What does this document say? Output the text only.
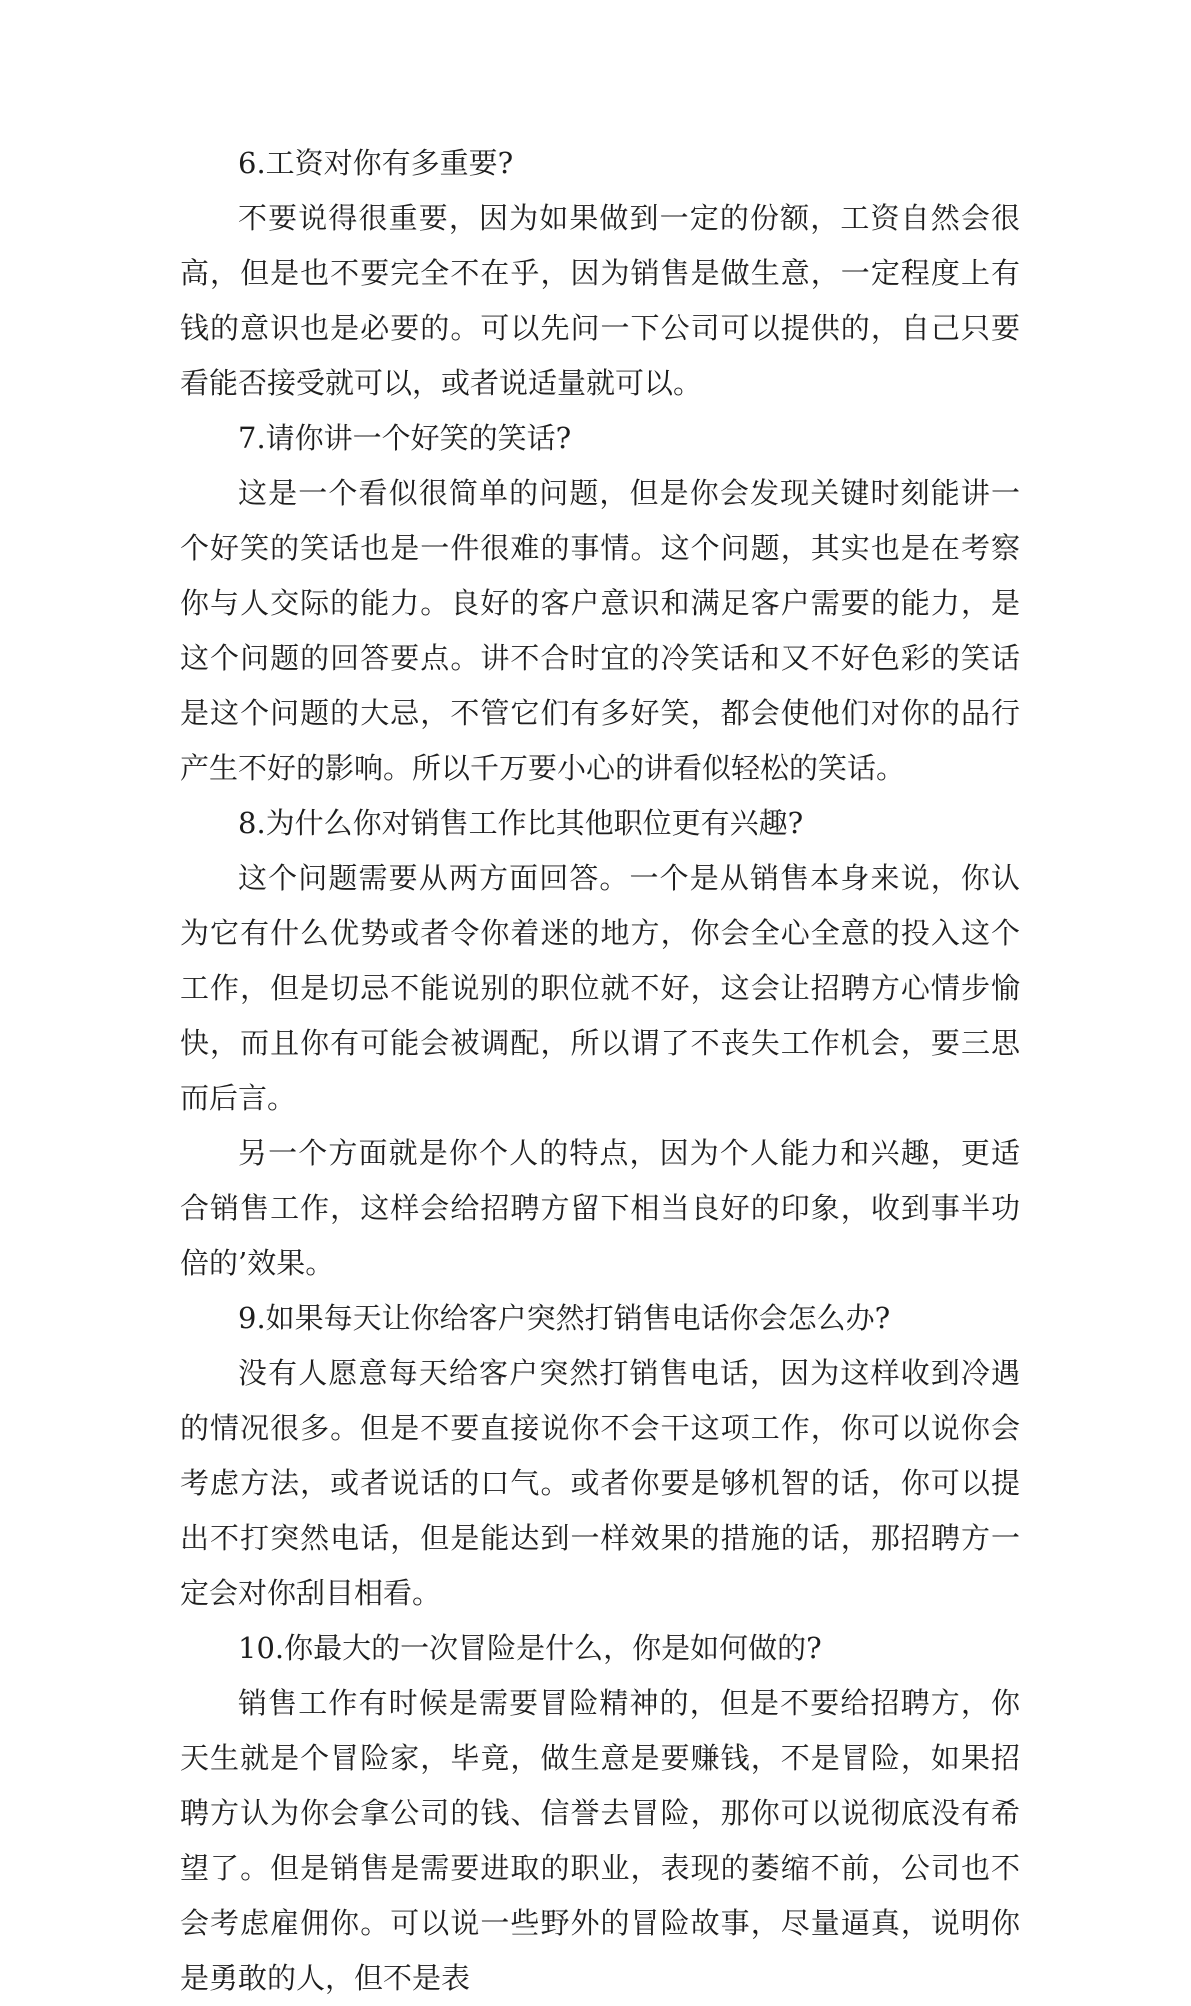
6.工资对你有多重要?

不要说得很重要，因为如果做到一定的份额，工资自然会很高，但是也不要完全不在乎，因为销售是做生意，一定程度上有钱的意识也是必要的。可以先问一下公司可以提供的，自己只要看能否接受就可以，或者说适量就可以。

7.请你讲一个好笑的笑话?

这是一个看似很简单的问题，但是你会发现关键时刻能讲一个好笑的笑话也是一件很难的事情。这个问题，其实也是在考察你与人交际的能力。良好的客户意识和满足客户需要的能力，是这个问题的回答要点。讲不合时宜的冷笑话和又不好色彩的笑话是这个问题的大忌，不管它们有多好笑，都会使他们对你的品行产生不好的影响。所以千万要小心的讲看似轻松的笑话。

8.为什么你对销售工作比其他职位更有兴趣?

这个问题需要从两方面回答。一个是从销售本身来说，你认为它有什么优势或者令你着迷的地方，你会全心全意的投入这个工作，但是切忌不能说别的职位就不好，这会让招聘方心情步愉快，而且你有可能会被调配，所以谓了不丧失工作机会，要三思而后言。

另一个方面就是你个人的特点，因为个人能力和兴趣，更适合销售工作，这样会给招聘方留下相当良好的印象，收到事半功倍的’效果。

9.如果每天让你给客户突然打销售电话你会怎么办?

没有人愿意每天给客户突然打销售电话，因为这样收到冷遇的情况很多。但是不要直接说你不会干这项工作，你可以说你会考虑方法，或者说话的口气。或者你要是够机智的话，你可以提出不打突然电话，但是能达到一样效果的措施的话，那招聘方一定会对你刮目相看。

10.你最大的一次冒险是什么，你是如何做的?

销售工作有时候是需要冒险精神的，但是不要给招聘方，你天生就是个冒险家，毕竟，做生意是要赚钱，不是冒险，如果招聘方认为你会拿公司的钱、信誉去冒险，那你可以说彻底没有希望了。但是销售是需要进取的职业，表现的萎缩不前，公司也不会考虑雇佣你。可以说一些野外的冒险故事，尽量逼真，说明你是勇敢的人，但不是表
